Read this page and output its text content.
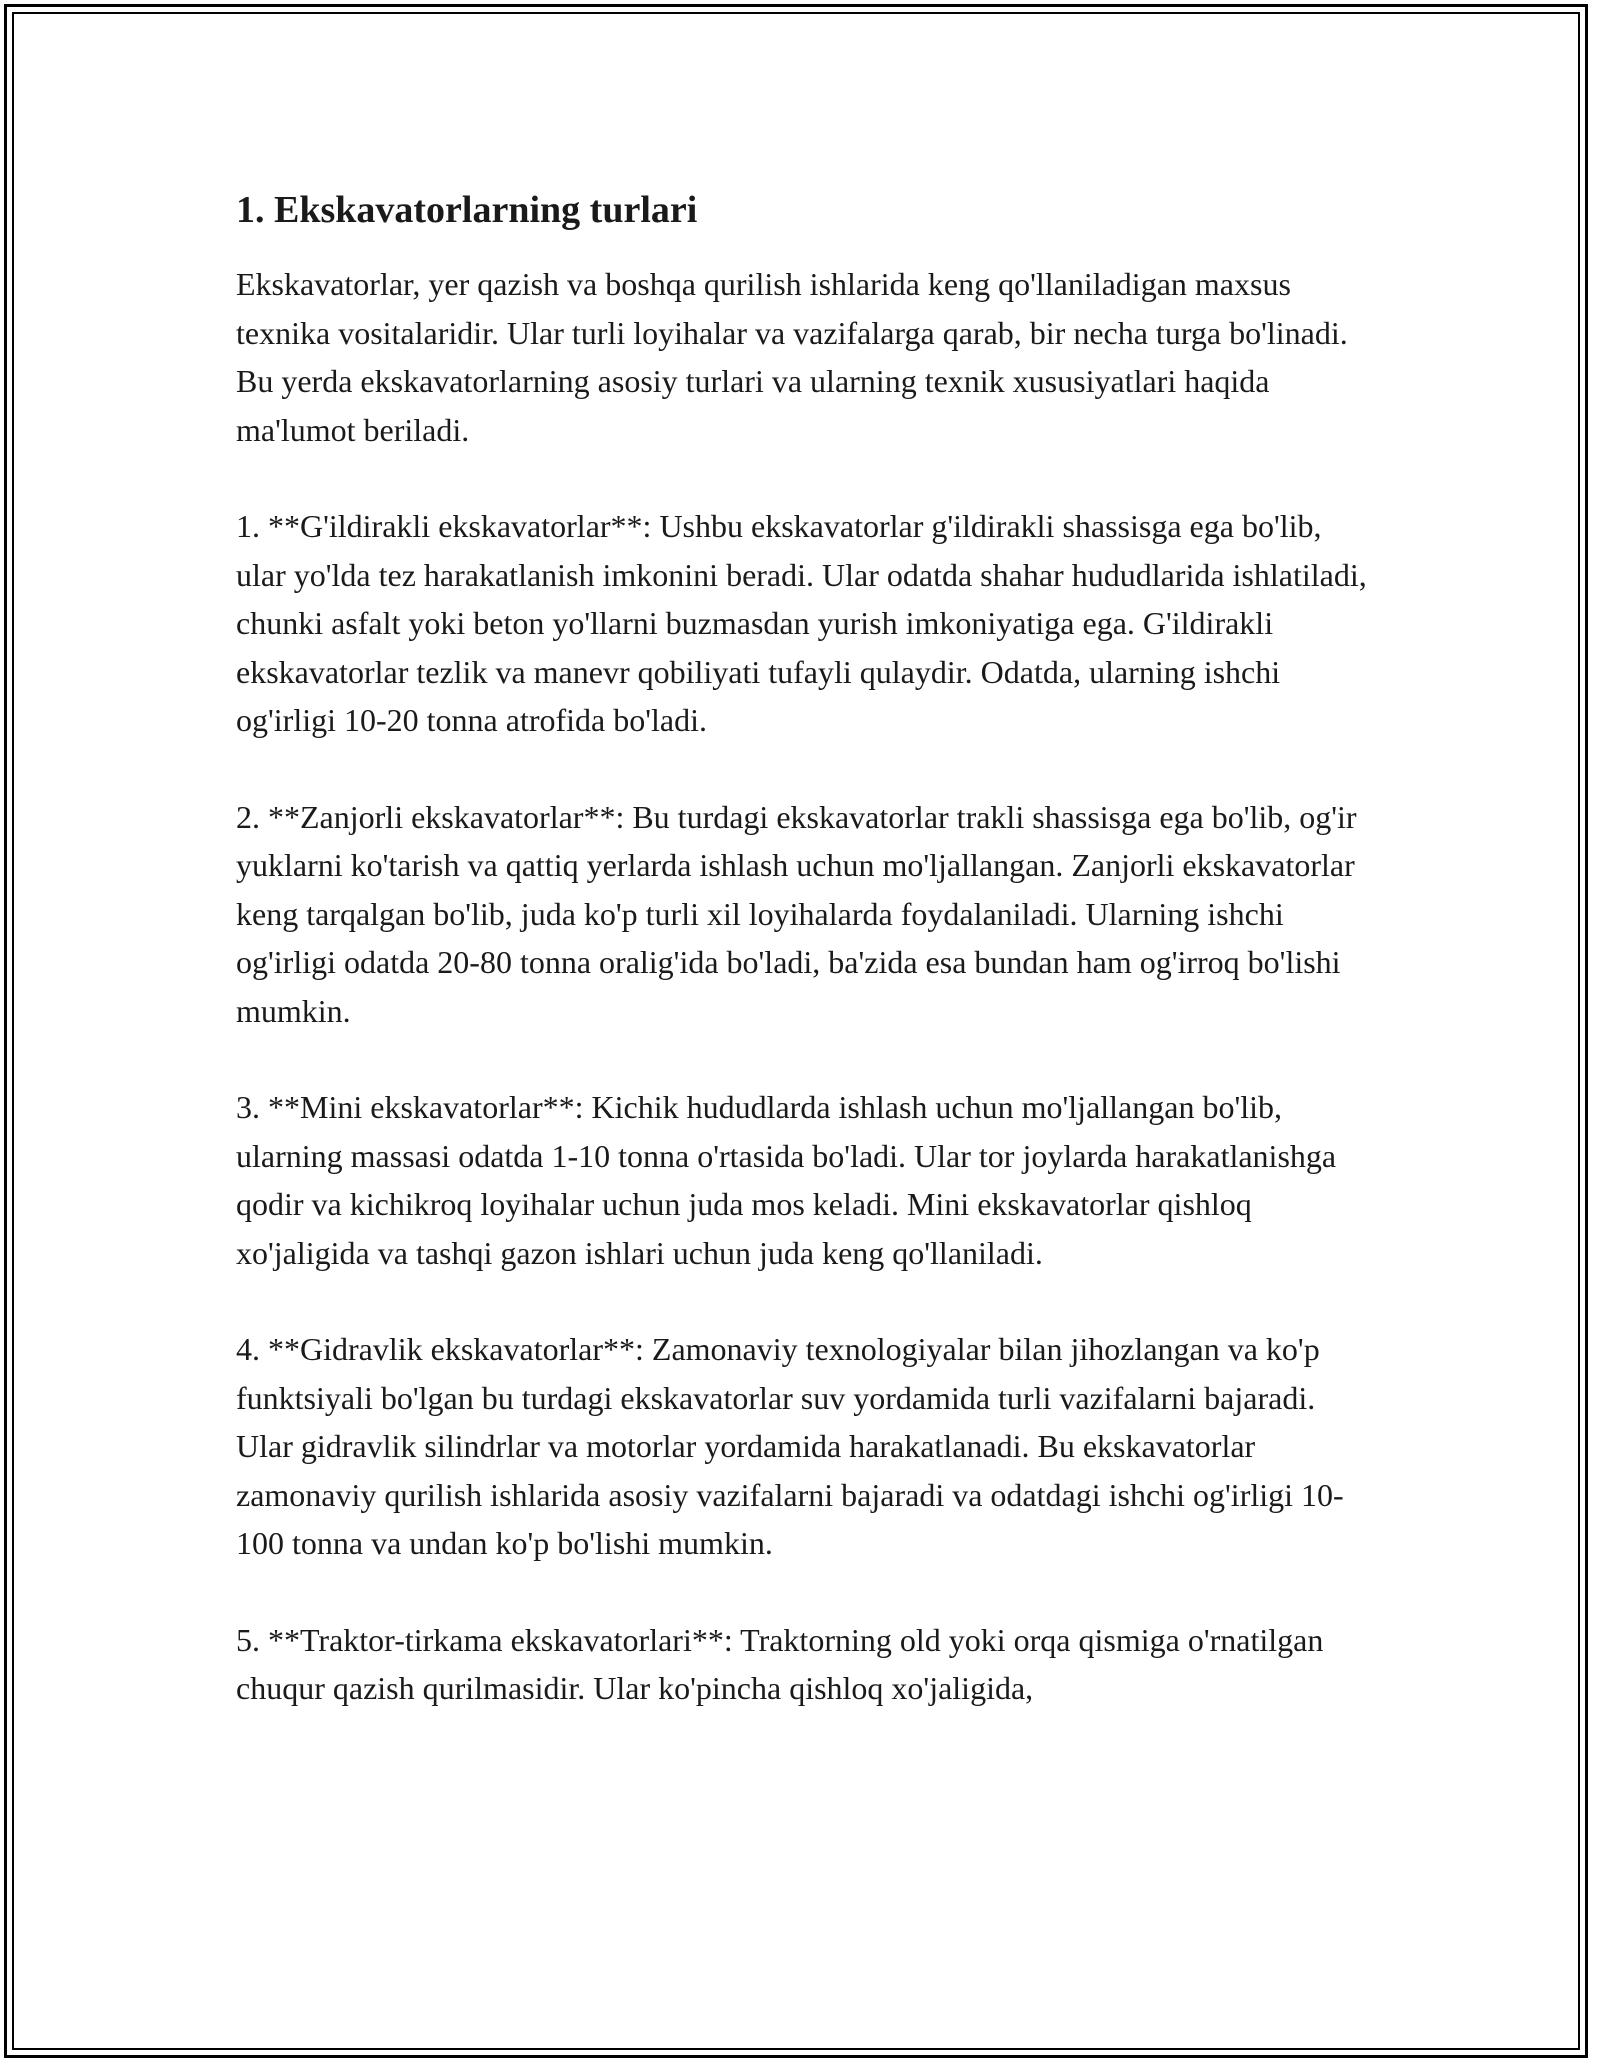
1. Ekskavatorlarning turlari

Ekskavatorlar, yer qazish va boshqa qurilish ishlarida keng qo'llaniladigan maxsus texnika vositalaridir. Ular turli loyihalar va vazifalarga qarab, bir necha turga bo'linadi. Bu yerda ekskavatorlarning asosiy turlari va ularning texnik xususiyatlari haqida ma'lumot beriladi.

1. **G'ildirakli ekskavatorlar**: Ushbu ekskavatorlar g'ildirakli shassisga ega bo'lib, ular yo'lda tez harakatlanish imkonini beradi. Ular odatda shahar hududlarida ishlatiladi, chunki asfalt yoki beton yo'llarni buzmasdan yurish imkoniyatiga ega. G'ildirakli ekskavatorlar tezlik va manevr qobiliyati tufayli qulaydir. Odatda, ularning ishchi og'irligi 10-20 tonna atrofida bo'ladi.

2. **Zanjorli ekskavatorlar**: Bu turdagi ekskavatorlar trakli shassisga ega bo'lib, og'ir yuklarni ko'tarish va qattiq yerlarda ishlash uchun mo'ljallangan. Zanjorli ekskavatorlar keng tarqalgan bo'lib, juda ko'p turli xil loyihalarda foydalaniladi. Ularning ishchi og'irligi odatda 20-80 tonna oralig'ida bo'ladi, ba'zida esa bundan ham og'irroq bo'lishi mumkin.

3. **Mini ekskavatorlar**: Kichik hududlarda ishlash uchun mo'ljallangan bo'lib, ularning massasi odatda 1-10 tonna o'rtasida bo'ladi. Ular tor joylarda harakatlanishga qodir va kichikroq loyihalar uchun juda mos keladi. Mini ekskavatorlar qishloq xo'jaligida va tashqi gazon ishlari uchun juda keng qo'llaniladi.

4. **Gidravlik ekskavatorlar**: Zamonaviy texnologiyalar bilan jihozlangan va ko'p funktsiyali bo'lgan bu turdagi ekskavatorlar suv yordamida turli vazifalarni bajaradi. Ular gidravlik silindrlar va motorlar yordamida harakatlanadi. Bu ekskavatorlar zamonaviy qurilish ishlarida asosiy vazifalarni bajaradi va odatdagi ishchi og'irligi 10-100 tonna va undan ko'p bo'lishi mumkin.

5. **Traktor-tirkama ekskavatorlari**: Traktorning old yoki orqa qismiga o'rnatilgan chuqur qazish qurilmasidir. Ular ko'pincha qishloq xo'jaligida,
